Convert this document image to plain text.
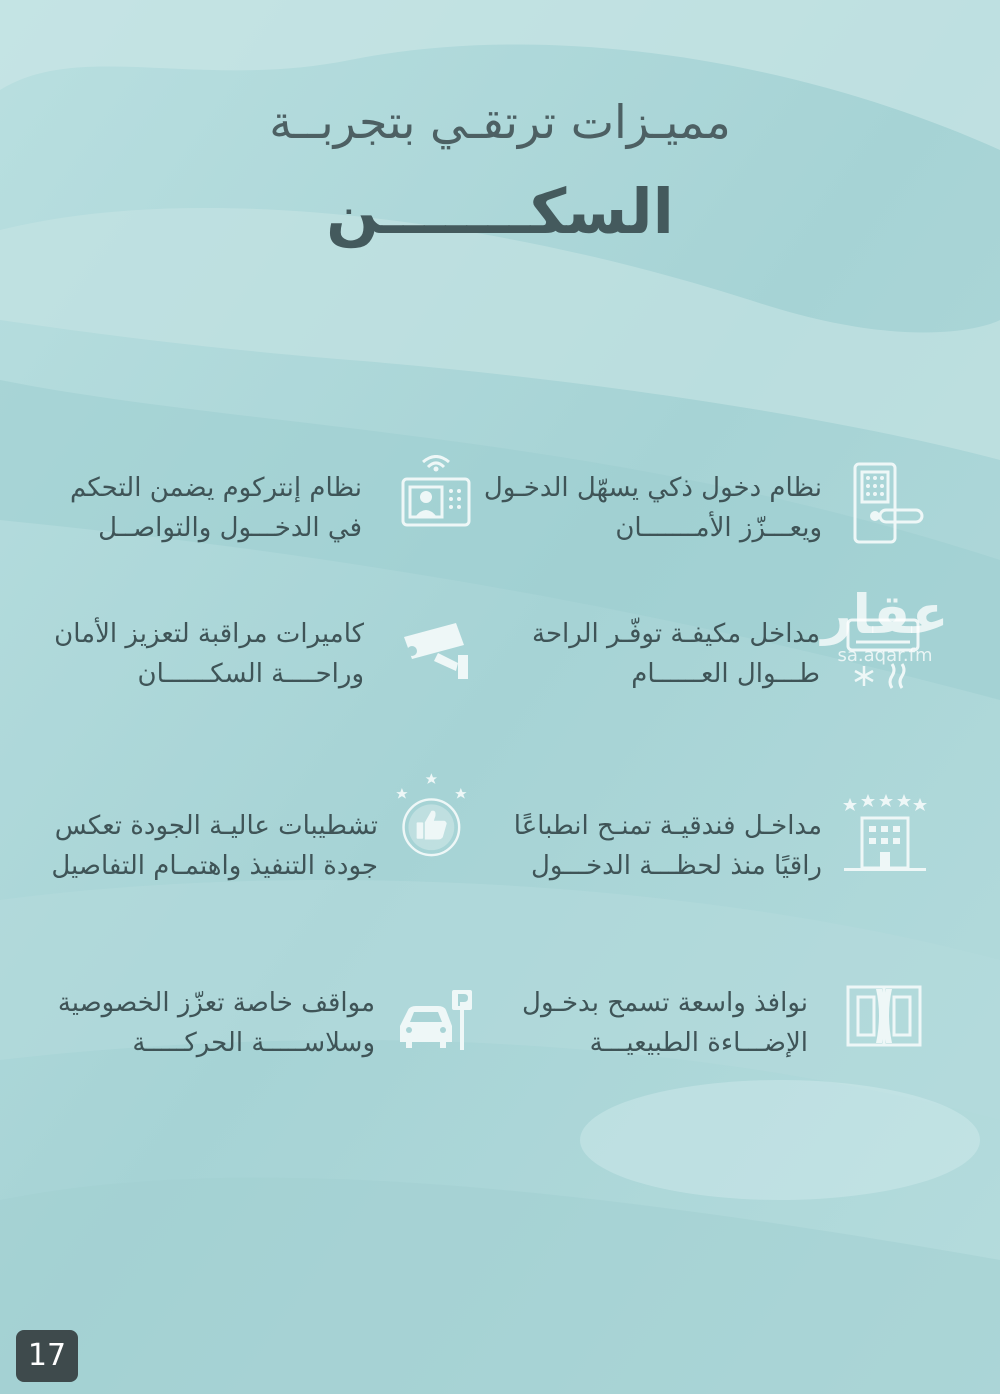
مميـزات ترتقـي بتجربــة
السكـــــــن
نظام دخول ذكي يسهّل الدخـول
ويعـــزّز الأمـــــــان
نظام إنتركوم يضمن التحكم
في الدخـــول والتواصــل
مداخل مكيفـة توفّـر الراحة
طـــوال العــــــام
كاميرات مراقبة لتعزيز الأمان
وراحــــة السكــــــان
مداخـل فندقيـة تمنـح انطباعًا
راقيًا منذ لحظـــة الدخـــول
تشطيبات عاليـة الجودة تعكس
جودة التنفيذ واهتمـام التفاصيل
نوافذ واسعة تسمح بدخـول
الإضـــاءة الطبيعيـــة
مواقف خاصة تعزّز الخصوصية
وسلاســـــة الحركـــــة
عقار
sa.aqar.fm
17
